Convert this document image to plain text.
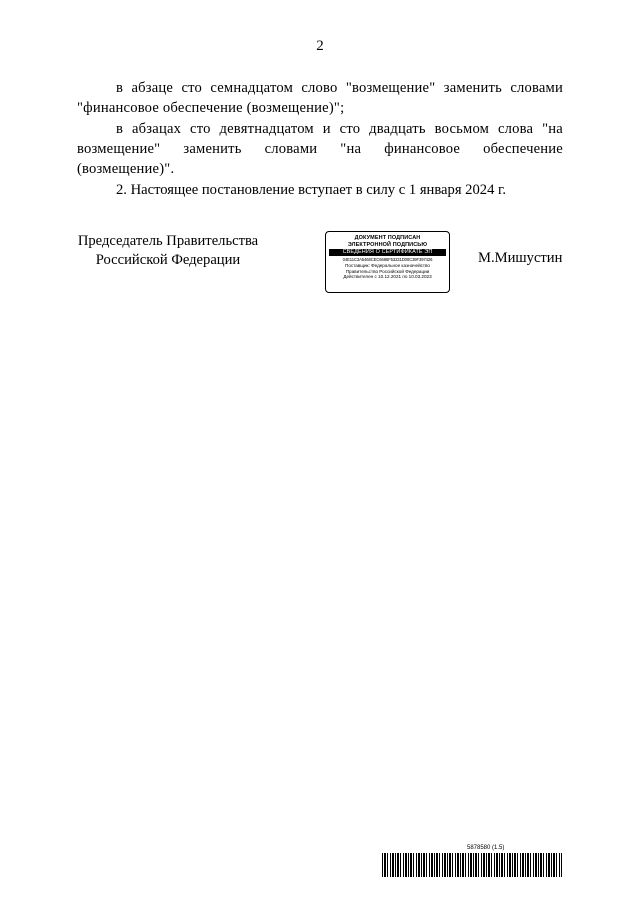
2

в абзаце сто семнадцатом слово "возмещение" заменить словами "финансовое обеспечение (возмещение)";

в абзацах сто девятнадцатом и сто двадцать восьмом слова "на возмещение" заменить словами "на финансовое обеспечение (возмещение)".

2. Настоящее постановление вступает в силу с 1 января 2024 г.

Председатель Правительства
Российской Федерации
ДОКУМЕНТ ПОДПИСАН
ЭЛЕКТРОННОЙ ПОДПИСЬЮ
СВЕДЕНИЯ О СЕРТИФИКАТЕ ЭП
04E11C3A5468CEC6686F53231D00C39F397426
Поставщик: Федеральное казначейство
Правительство Российской Федерации
Действителен с 10.12.2021 по 10.03.2023
М.Мишустин
5878580 (1.5)
